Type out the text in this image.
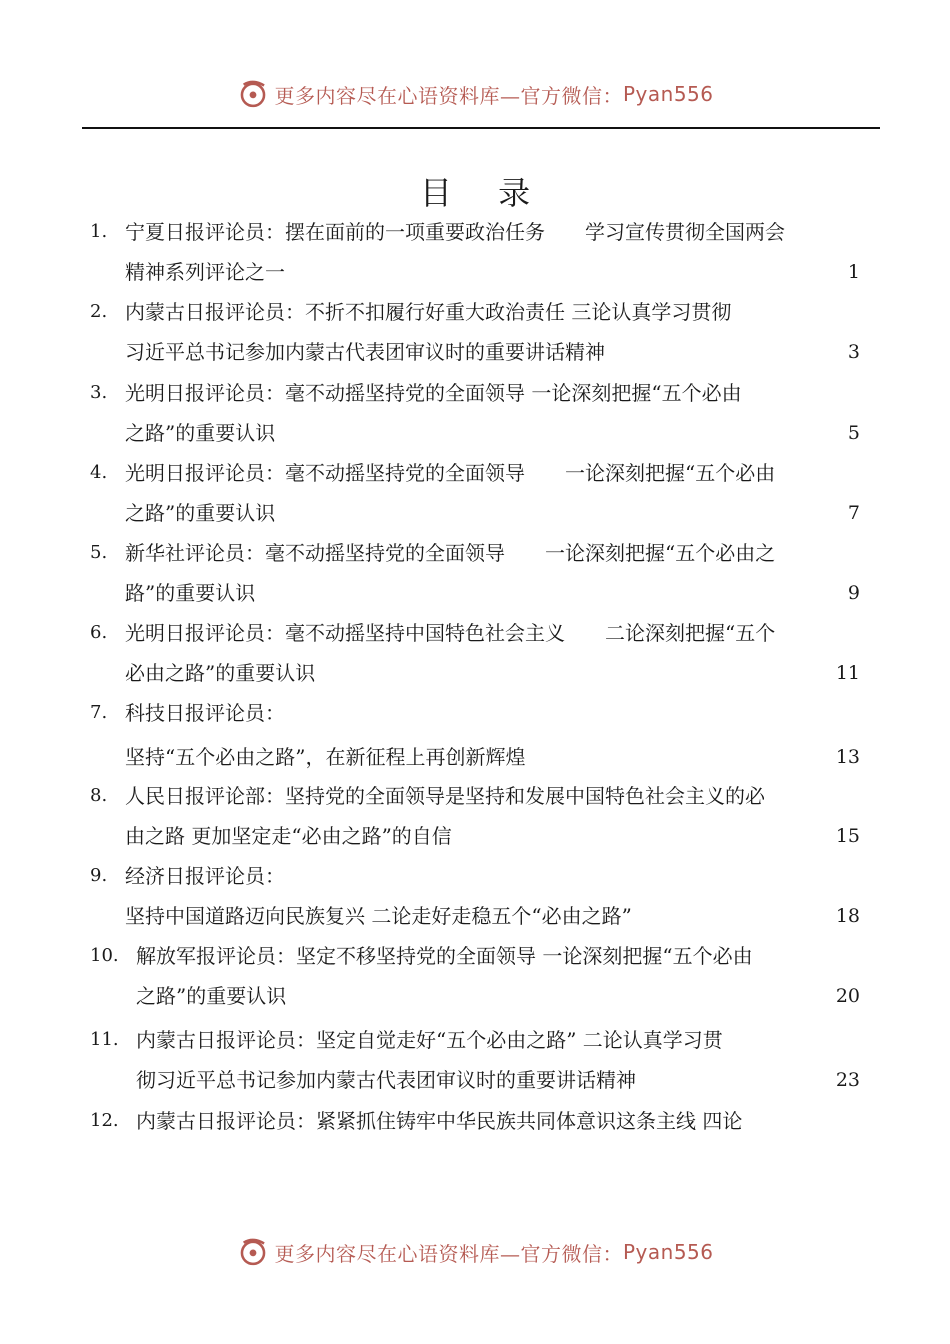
更多内容尽在心语资料库—官方微信： Pyan556
目 录
1. 宁夏日报评论员：摆在面前的一项重要政治任务　　学习宣传贯彻全国两会
精神系列评论之一	1
2. 内蒙古日报评论员：不折不扣履行好重大政治责任 三论认真学习贯彻
习近平总书记参加内蒙古代表团审议时的重要讲话精神	3
3. 光明日报评论员：毫不动摇坚持党的全面领导 一论深刻把握“五个必由
之路”的重要认识	5
4. 光明日报评论员：毫不动摇坚持党的全面领导　　一论深刻把握“五个必由
之路”的重要认识	7
5. 新华社评论员：毫不动摇坚持党的全面领导　　一论深刻把握“五个必由之
路”的重要认识	9
6. 光明日报评论员：毫不动摇坚持中国特色社会主义　　二论深刻把握“五个
必由之路”的重要认识	11
7. 科技日报评论员：
坚持“五个必由之路”，在新征程上再创新辉煌	13
8. 人民日报评论部：坚持党的全面领导是坚持和发展中国特色社会主义的必
由之路 更加坚定走“必由之路”的自信	15
9. 经济日报评论员：
坚持中国道路迈向民族复兴 二论走好走稳五个“必由之路”	18
10. 解放军报评论员：坚定不移坚持党的全面领导 一论深刻把握“五个必由
之路”的重要认识	20
11. 内蒙古日报评论员：坚定自觉走好“五个必由之路” 二论认真学习贯
彻习近平总书记参加内蒙古代表团审议时的重要讲话精神	23
12. 内蒙古日报评论员：紧紧抓住铸牢中华民族共同体意识这条主线 四论
更多内容尽在心语资料库—官方微信： Pyan556
